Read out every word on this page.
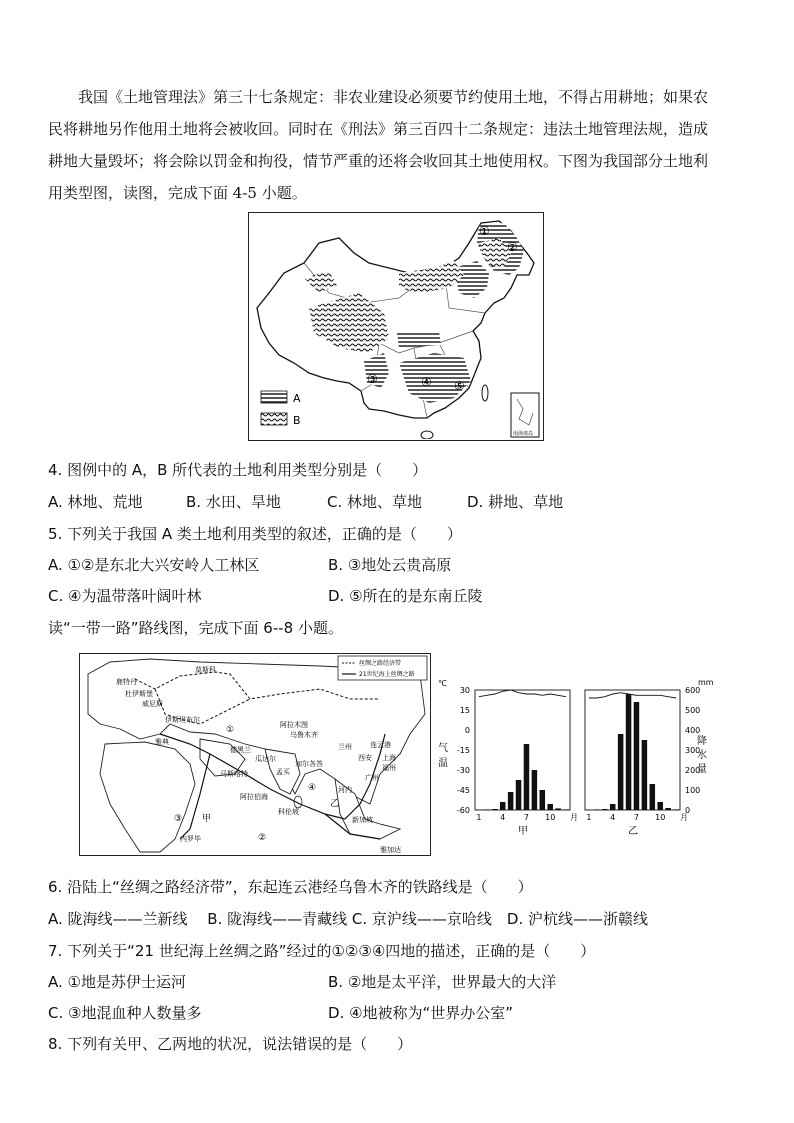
我国《土地管理法》第三十七条规定：非农业建设必须要节约使用土地，不得占用耕地；如果农
民将耕地另作他用土地将会被收回。同时在《刑法》第三百四十二条规定：违法土地管理法规，造成
耕地大量毁坏；将会除以罚金和拘役，情节严重的还将会收回其土地使用权。下图为我国部分土地利
用类型图，读图，完成下面 4-5 小题。
①
②
③	④ ⑤
A
B
南海诸岛
4. 图例中的 A，B 所代表的土地利用类型分别是（　　）
A. 林地、荒地	B. 水田、旱地	C. 林地、草地	D. 耕地、草地
5. 下列关于我国 A 类土地利用类型的叙述，正确的是（　　）
A. ①②是东北大兴安岭人工林区	B. ③地处云贵高原
C. ④为温带落叶阔叶林	D. ⑤所在的是东南丘陵
读“一带一路”路线图，完成下面 6--8 小题。
丝绸之路经济带
21世纪海上丝绸之路
莫斯科
鹿特丹
杜伊斯堡
威尼斯
伊斯坦布尔
雅典
德黑兰
阿拉木图
乌鲁木齐
兰州	连云港
西安 上海
福州
广州
河内
瓜达尔
马斯喀特	孟买
加尔各答
科伦坡
阿拉伯海
新加坡
雅加达
内罗毕
甲
乙
③
②
④
①
℃	mm
气
温
降
水
量
30
15
0
-15
-30
-45
-60
600
500
400
300
200
100
0
1 4 7 10	1 4 7 10
月	月
甲	乙
6. 沿陆上“丝绸之路经济带”，东起连云港经乌鲁木齐的铁路线是（　　）
A. 陇海线——兰新线　 B. 陇海线——青藏线 C. 京沪线——京哈线　D. 沪杭线——浙赣线
7. 下列关于“21 世纪海上丝绸之路”经过的①②③④四地的描述，正确的是（　　）
A. ①地是苏伊士运河	B. ②地是太平洋，世界最大的大洋
C. ③地混血种人数量多	D. ④地被称为“世界办公室”
8. 下列有关甲、乙两地的状况，说法错误的是（　　）
